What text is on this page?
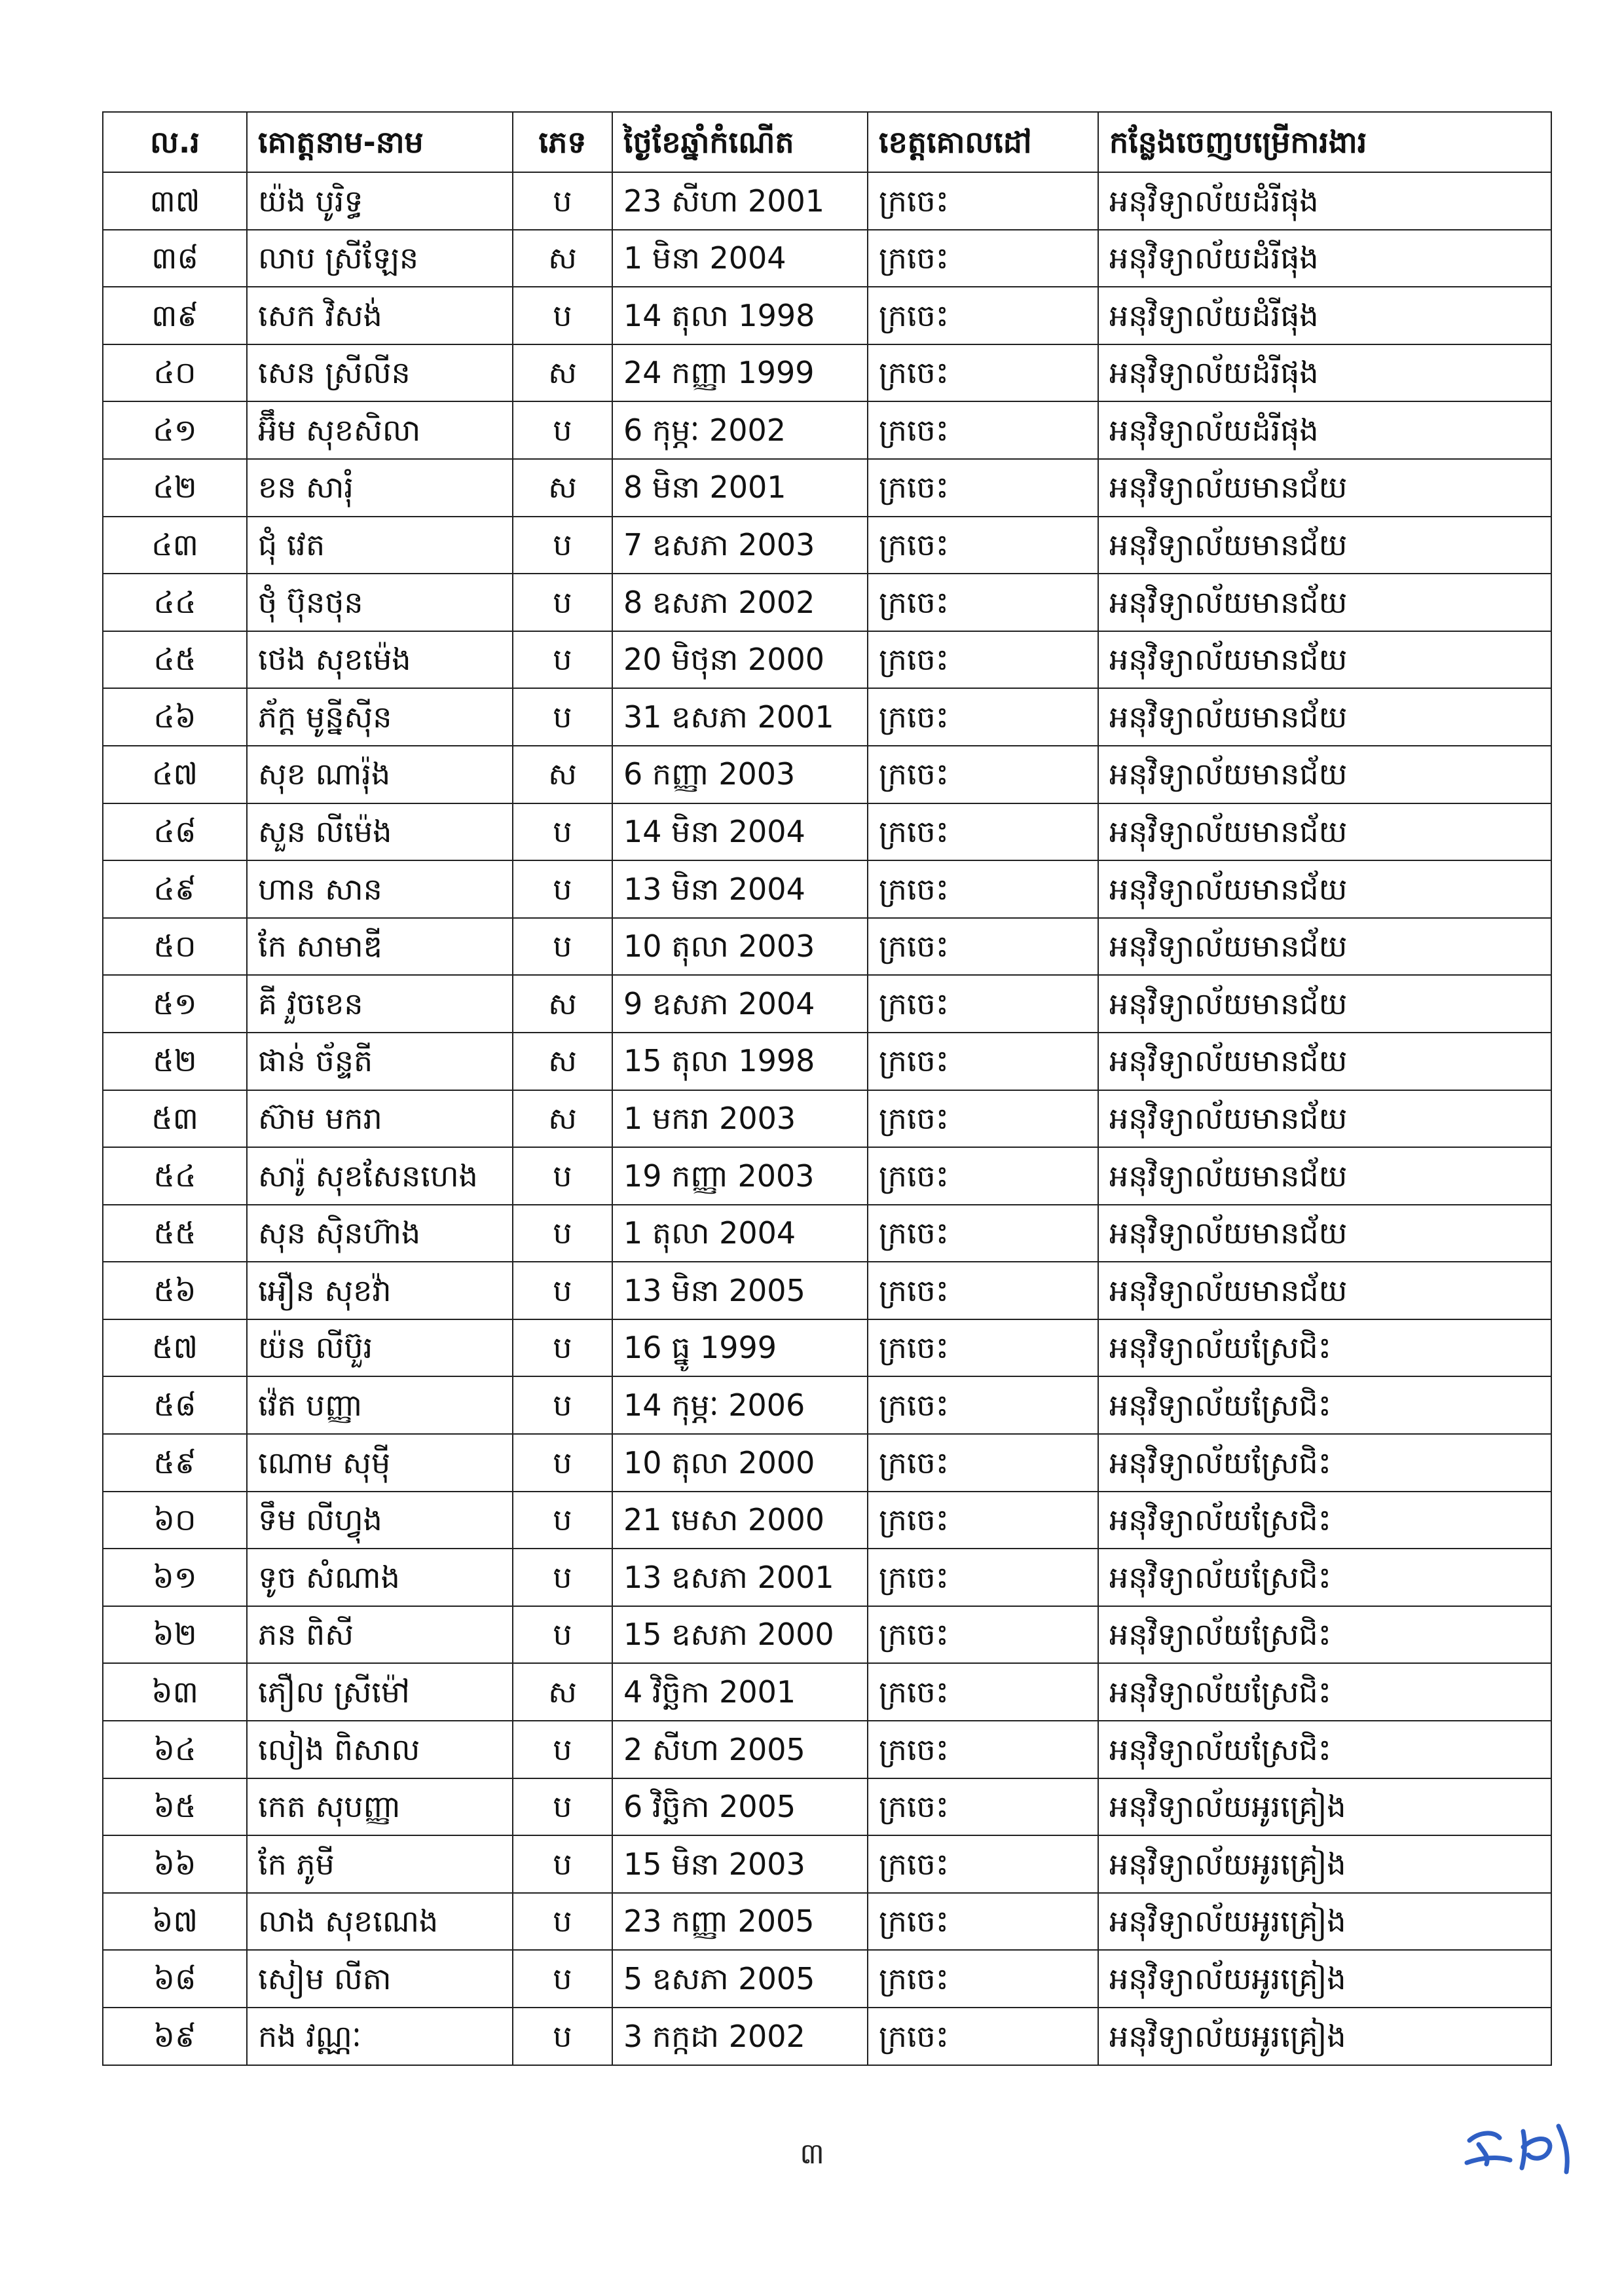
ល.រ	គោត្តនាម-នាម	ភេទ	ថ្ងៃខែឆ្នាំកំណើត	ខេត្តគោលដៅ	កន្លែងចេញបម្រើការងារ
៣៧	យ៉ង បូរិទ្ធ	ប	23 សីហា 2001	ក្រចេះ	អនុវិទ្យាល័យដំរីផុង
៣៨	លាប ស្រីឡែន	ស	1 មិនា 2004	ក្រចេះ	អនុវិទ្យាល័យដំរីផុង
៣៩	សេក វិសង់	ប	14 តុលា 1998	ក្រចេះ	អនុវិទ្យាល័យដំរីផុង
៤០	សេន ស្រីលីន	ស	24 កញ្ញា 1999	ក្រចេះ	អនុវិទ្យាល័យដំរីផុង
៤១	អ៊ឹម សុខសិលា	ប	6 កុម្ភៈ 2002	ក្រចេះ	អនុវិទ្យាល័យដំរីផុង
៤២	ខន សារុំ	ស	8 មិនា 2001	ក្រចេះ	អនុវិទ្យាល័យមានជ័យ
៤៣	ជុំ វេត	ប	7 ឧសភា 2003	ក្រចេះ	អនុវិទ្យាល័យមានជ័យ
៤៤	ថុំ ប៊ុនថុន	ប	8 ឧសភា 2002	ក្រចេះ	អនុវិទ្យាល័យមានជ័យ
៤៥	ថេង សុខម៉េង	ប	20 មិថុនា 2000	ក្រចេះ	អនុវិទ្យាល័យមានជ័យ
៤៦	ភ័ក្ត មូន្នីស៊ីន	ប	31 ឧសភា 2001	ក្រចេះ	អនុវិទ្យាល័យមានជ័យ
៤៧	សុខ ណារ៉ុង	ស	6 កញ្ញា 2003	ក្រចេះ	អនុវិទ្យាល័យមានជ័យ
៤៨	សួន លីម៉េង	ប	14 មិនា 2004	ក្រចេះ	អនុវិទ្យាល័យមានជ័យ
៤៩	ហាន សាន	ប	13 មិនា 2004	ក្រចេះ	អនុវិទ្យាល័យមានជ័យ
៥០	កែ សាមាឌី	ប	10 តុលា 2003	ក្រចេះ	អនុវិទ្យាល័យមានជ័យ
៥១	គី វួចខេន	ស	9 ឧសភា 2004	ក្រចេះ	អនុវិទ្យាល័យមានជ័យ
៥២	ផាន់ ច័ន្ទតី	ស	15 តុលា 1998	ក្រចេះ	អនុវិទ្យាល័យមានជ័យ
៥៣	ស៊ាម មករា	ស	1 មករា 2003	ក្រចេះ	អនុវិទ្យាល័យមានជ័យ
៥៤	សារ៉ូ សុខសែនហេង	ប	19 កញ្ញា 2003	ក្រចេះ	អនុវិទ្យាល័យមានជ័យ
៥៥	សុន ស៊ិនហ៊ាង	ប	1 តុលា 2004	ក្រចេះ	អនុវិទ្យាល័យមានជ័យ
៥៦	អឿន សុខវ៉ា	ប	13 មិនា 2005	ក្រចេះ	អនុវិទ្យាល័យមានជ័យ
៥៧	យ៉ន លីប៊ួរ	ប	16 ធ្នូ 1999	ក្រចេះ	អនុវិទ្យាល័យស្រែជិះ
៥៨	វ៉េត បញ្ញា	ប	14 កុម្ភៈ 2006	ក្រចេះ	អនុវិទ្យាល័យស្រែជិះ
៥៩	ណោម សុម៉ី	ប	10 តុលា 2000	ក្រចេះ	អនុវិទ្យាល័យស្រែជិះ
៦០	ទឹម លីហ្វុង	ប	21 មេសា 2000	ក្រចេះ	អនុវិទ្យាល័យស្រែជិះ
៦១	ទូច សំណាង	ប	13 ឧសភា 2001	ក្រចេះ	អនុវិទ្យាល័យស្រែជិះ
៦២	ភន ពិសី	ប	15 ឧសភា 2000	ក្រចេះ	អនុវិទ្យាល័យស្រែជិះ
៦៣	ភឿល ស្រីម៉ៅ	ស	4 វិច្ឆិកា 2001	ក្រចេះ	អនុវិទ្យាល័យស្រែជិះ
៦៤	លៀង ពិសាល	ប	2 សីហា 2005	ក្រចេះ	អនុវិទ្យាល័យស្រែជិះ
៦៥	កេត សុបញ្ញា	ប	6 វិច្ឆិកា 2005	ក្រចេះ	អនុវិទ្យាល័យអូរគ្រៀង
៦៦	កែ ភូមី	ប	15 មិនា 2003	ក្រចេះ	អនុវិទ្យាល័យអូរគ្រៀង
៦៧	លាង សុខណេង	ប	23 កញ្ញា 2005	ក្រចេះ	អនុវិទ្យាល័យអូរគ្រៀង
៦៨	សៀម លីតា	ប	5 ឧសភា 2005	ក្រចេះ	អនុវិទ្យាល័យអូរគ្រៀង
៦៩	កង វណ្ណៈ	ប	3 កក្កដា 2002	ក្រចេះ	អនុវិទ្យាល័យអូរគ្រៀង
៣
